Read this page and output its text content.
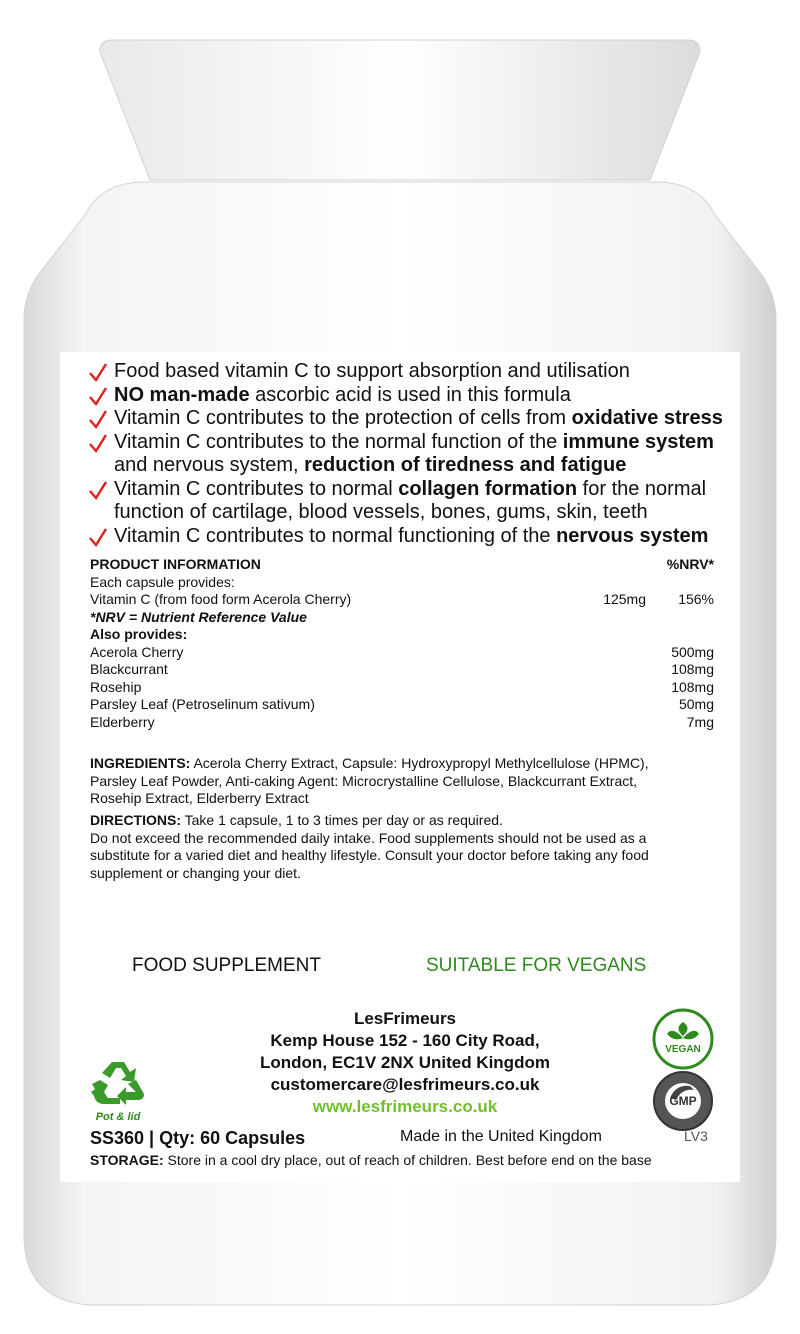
Food based vitamin C to support absorption and utilisation

NO man-made ascorbic acid is used in this formula

Vitamin C contributes to the protection of cells from oxidative stress

Vitamin C contributes to the normal function of the immune system
and nervous system, reduction of tiredness and fatigue

Vitamin C contributes to normal collagen formation for the normal
function of cartilage, blood vessels, bones, gums, skin, teeth

Vitamin C contributes to normal functioning of the nervous system

PRODUCT INFORMATION	%NRV*
Each capsule provides:
Vitamin C (from food form Acerola Cherry)	125mg	156%
*NRV = Nutrient Reference Value
Also provides:
Acerola Cherry	500mg
Blackcurrant	108mg
Rosehip	108mg
Parsley Leaf (Petroselinum sativum)	50mg
Elderberry	7mg
INGREDIENTS: Acerola Cherry Extract, Capsule: Hydroxypropyl Methylcellulose (HPMC),
Parsley Leaf Powder, Anti-caking Agent: Microcrystalline Cellulose, Blackcurrant Extract,
Rosehip Extract, Elderberry Extract
DIRECTIONS: Take 1 capsule, 1 to 3 times per day or as required.
Do not exceed the recommended daily intake. Food supplements should not be used as a
substitute for a varied diet and healthy lifestyle. Consult your doctor before taking any food
supplement or changing your diet.
FOOD SUPPLEMENT	SUITABLE FOR VEGANS
LesFrimeurs
Kemp House 152 - 160 City Road,
London, EC1V 2NX United Kingdom
customercare@lesfrimeurs.co.uk
www.lesfrimeurs.co.uk
Pot & lid
VEGAN
GMP
SS360 | Qty: 60 Capsules	Made in the United Kingdom	LV3
STORAGE: Store in a cool dry place, out of reach of children. Best before end on the base
